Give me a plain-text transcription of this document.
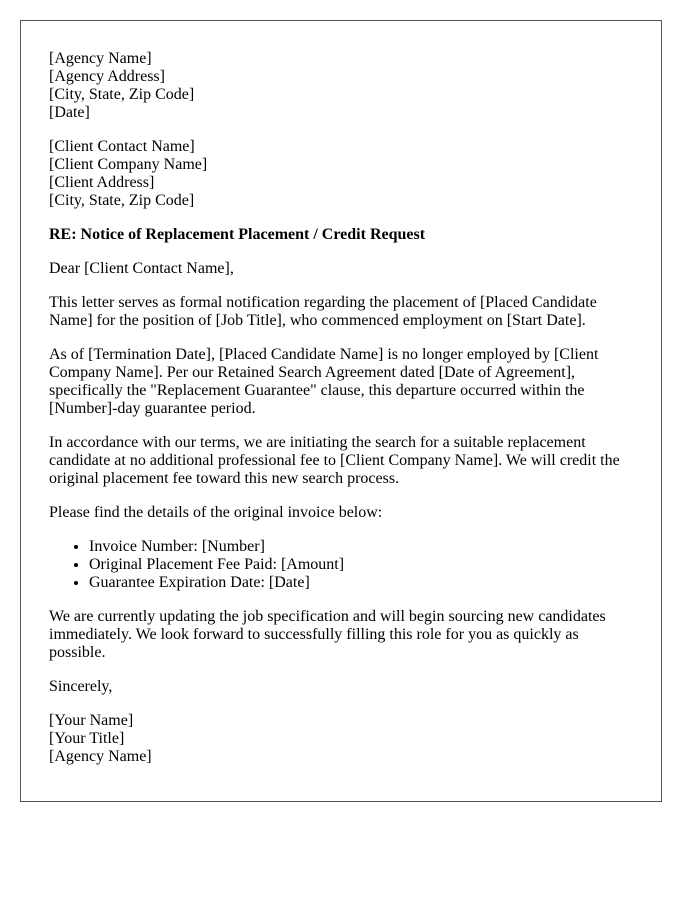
[Agency Name]
[Agency Address]
[City, State, Zip Code]
[Date]

[Client Contact Name]
[Client Company Name]
[Client Address]
[City, State, Zip Code]

RE: Notice of Replacement Placement / Credit Request

Dear [Client Contact Name],

This letter serves as formal notification regarding the placement of [Placed Candidate Name] for the position of [Job Title], who commenced employment on [Start Date].

As of [Termination Date], [Placed Candidate Name] is no longer employed by [Client Company Name]. Per our Retained Search Agreement dated [Date of Agreement], specifically the "Replacement Guarantee" clause, this departure occurred within the [Number]-day guarantee period.

In accordance with our terms, we are initiating the search for a suitable replacement candidate at no additional professional fee to [Client Company Name]. We will credit the original placement fee toward this new search process.

Please find the details of the original invoice below:

• Invoice Number: [Number]
• Original Placement Fee Paid: [Amount]
• Guarantee Expiration Date: [Date]

We are currently updating the job specification and will begin sourcing new candidates immediately. We look forward to successfully filling this role for you as quickly as possible.

Sincerely,

[Your Name]
[Your Title]
[Agency Name]
